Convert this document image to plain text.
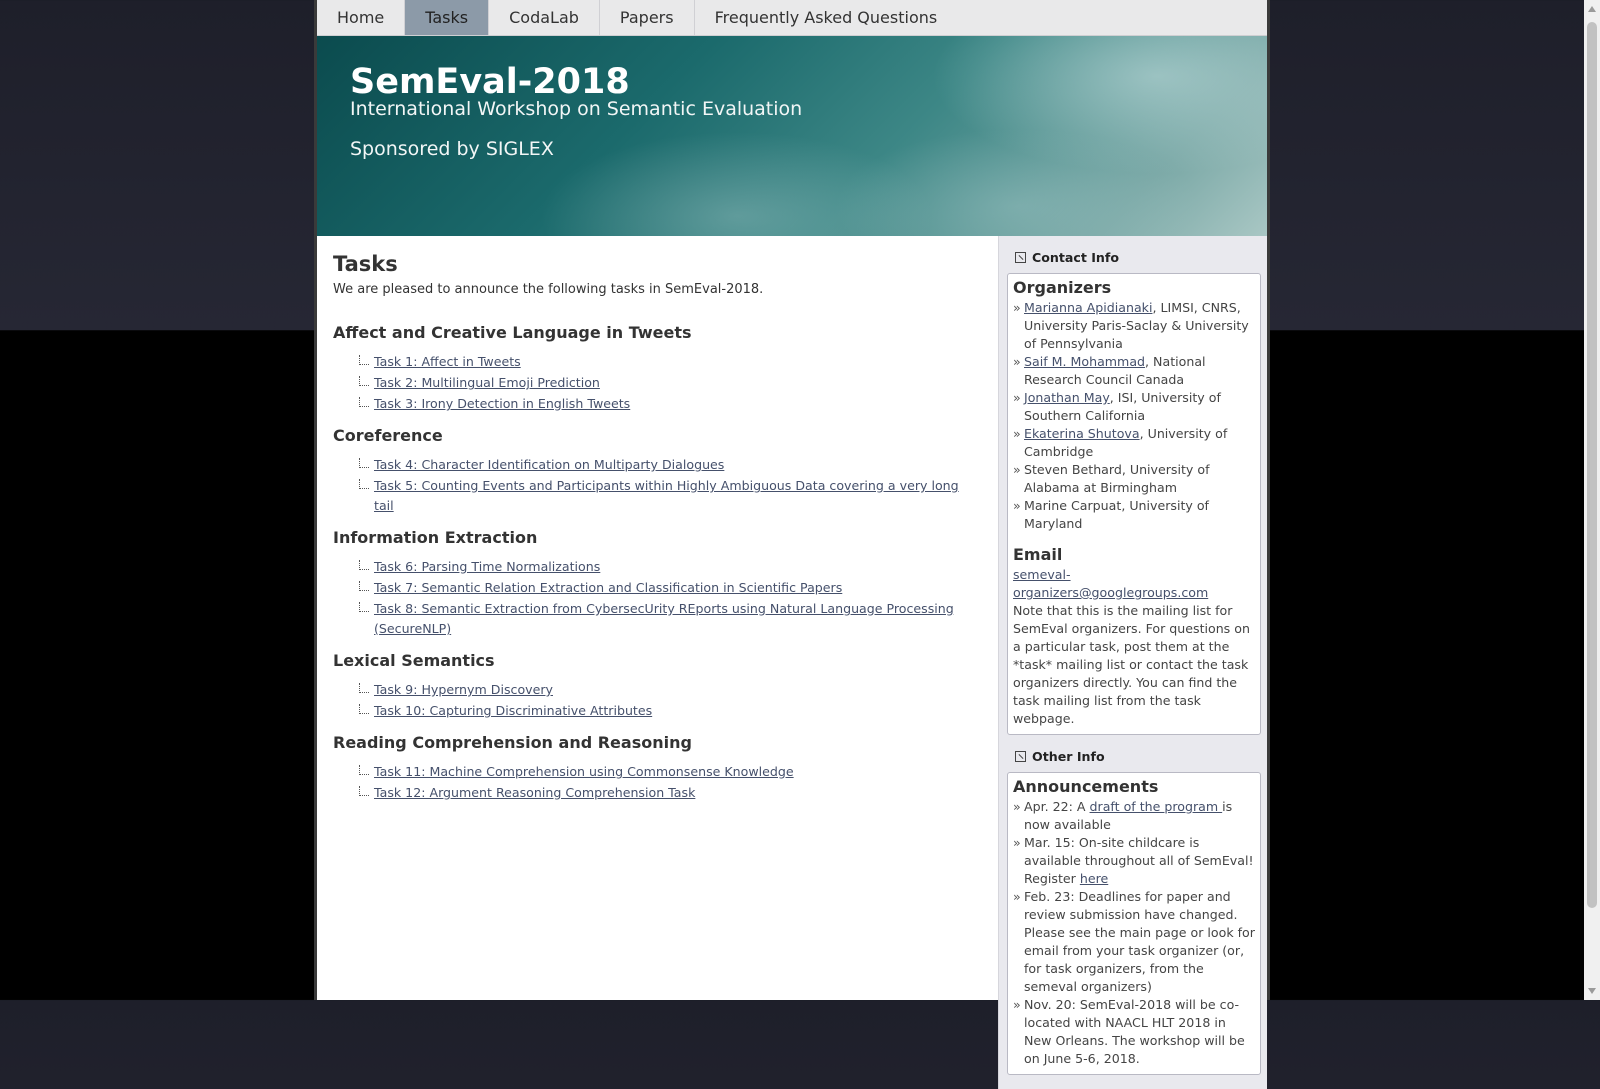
Home	Tasks	CodaLab	Papers	Frequently Asked Questions
SemEval-2018
International Workshop on Semantic Evaluation
Sponsored by SIGLEX
Tasks

We are pleased to announce the following tasks in SemEval-2018.

Affect and Creative Language in Tweets
Task 1: Affect in Tweets
Task 2: Multilingual Emoji Prediction
Task 3: Irony Detection in English Tweets
Coreference
Task 4: Character Identification on Multiparty Dialogues
Task 5: Counting Events and Participants within Highly Ambiguous Data covering a very long tail
Information Extraction
Task 6: Parsing Time Normalizations
Task 7: Semantic Relation Extraction and Classification in Scientific Papers
Task 8: Semantic Extraction from CybersecUrity REports using Natural Language Processing (SecureNLP)
Lexical Semantics
Task 9: Hypernym Discovery
Task 10: Capturing Discriminative Attributes
Reading Comprehension and Reasoning
Task 11: Machine Comprehension using Commonsense Knowledge
Task 12: Argument Reasoning Comprehension Task
Contact Info
Organizers
» Marianna Apidianaki, LIMSI, CNRS, University Paris-Saclay & University of Pennsylvania
» Saif M. Mohammad, National Research Council Canada
» Jonathan May, ISI, University of Southern California
» Ekaterina Shutova, University of Cambridge
» Steven Bethard, University of Alabama at Birmingham
» Marine Carpuat, University of Maryland
Email

semeval-organizers@googlegroups.com

Note that this is the mailing list for SemEval organizers. For questions on a particular task, post them at the *task* mailing list or contact the task organizers directly. You can find the task mailing list from the task webpage.

Other Info
Announcements
» Apr. 22: A draft of the program is now available
» Mar. 15: On-site childcare is available throughout all of SemEval! Register here
» Feb. 23: Deadlines for paper and review submission have changed. Please see the main page or look for email from your task organizer (or, for task organizers, from the semeval organizers)
» Nov. 20: SemEval-2018 will be co-located with NAACL HLT 2018 in New Orleans. The workshop will be on June 5-6, 2018.
